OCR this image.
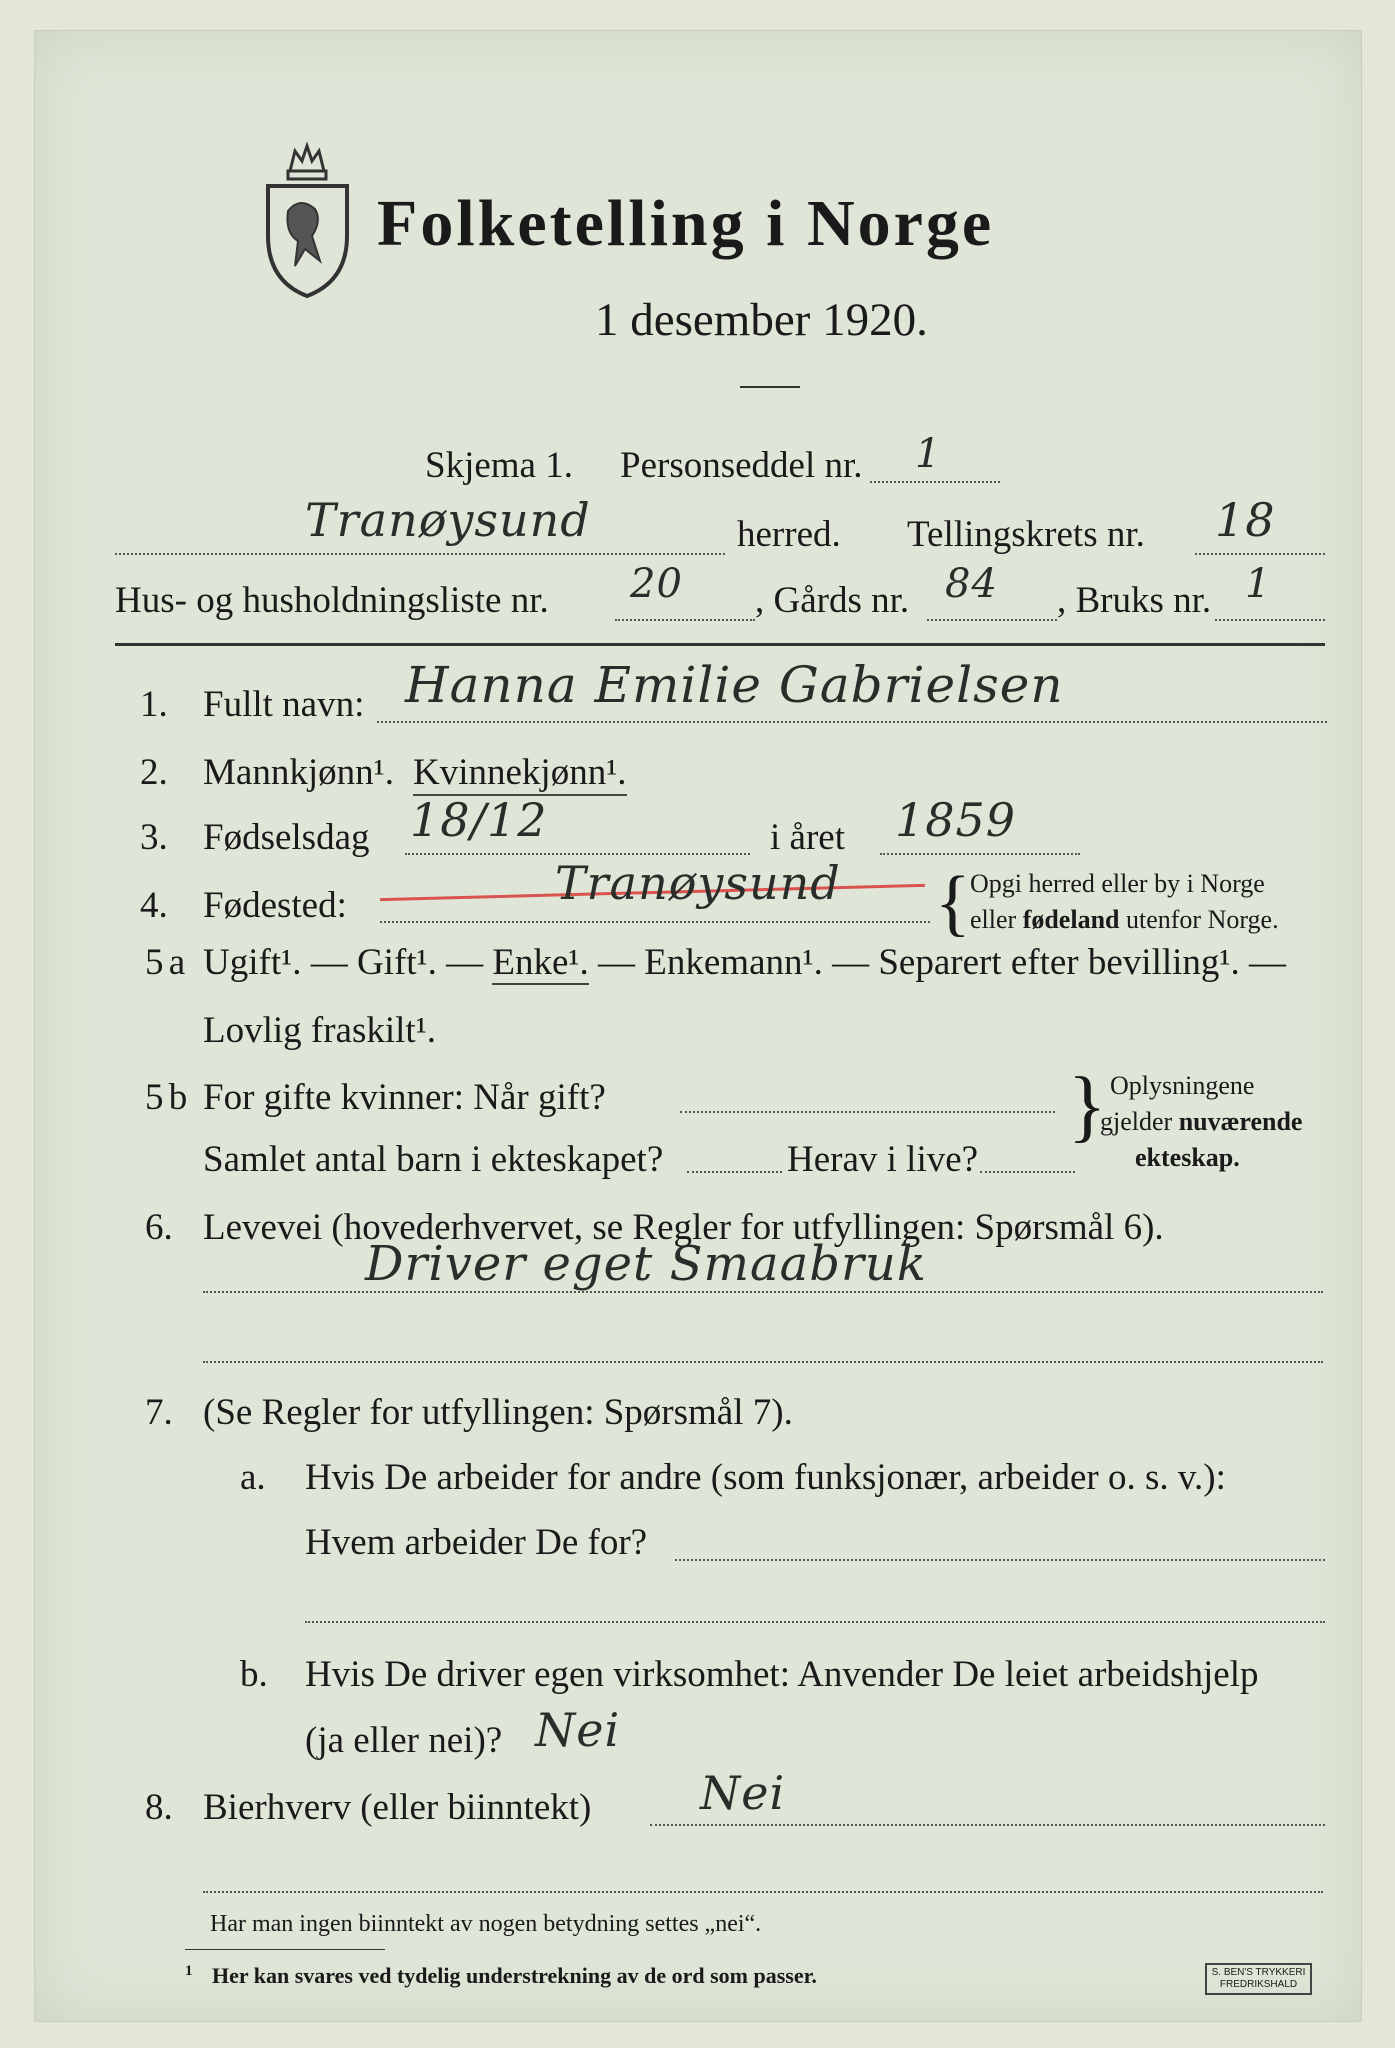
Folketelling i Norge
1 desember 1920.
Skjema 1. Personseddel nr. 1
Tranøysund	herred. Tellingskrets nr. 18
Hus- og husholdningsliste nr. 20 , Gårds nr. 84 , Bruks nr. 1
1. Fullt navn: Hanna Emilie Gabrielsen
2. Mannkjønn¹. Kvinnekjønn¹.
3. Fødselsdag 18/12	i året 1859
4. Fødested:	Tranøysund { Opgi herred eller by i Norge
eller fødeland utenfor Norge.
5 a Ugift¹. — Gift¹. — Enke¹. — Enkemann¹. — Separert efter bevilling¹. —
Lovlig fraskilt¹.
5 b For gifte kvinner: Når gift?
Samlet antal barn i ekteskapet?	Herav i live?
} Oplysningene
gjelder nuværende
ekteskap.
6. Levevei (hovederhvervet, se Regler for utfyllingen: Spørsmål 6).
Driver eget Smaabruk
7. (Se Regler for utfyllingen: Spørsmål 7).
a. Hvis De arbeider for andre (som funksjonær, arbeider o. s. v.):
Hvem arbeider De for?
b. Hvis De driver egen virksomhet: Anvender De leiet arbeidshjelp
(ja eller nei)? Nei
8. Bierhverv (eller biinntekt) Nei
Har man ingen biinntekt av nogen betydning settes „nei“.
$^1$ Her kan svares ved tydelig understrekning av de ord som passer.	S. BEN'S TRYKKERI FREDRIKSHALD
